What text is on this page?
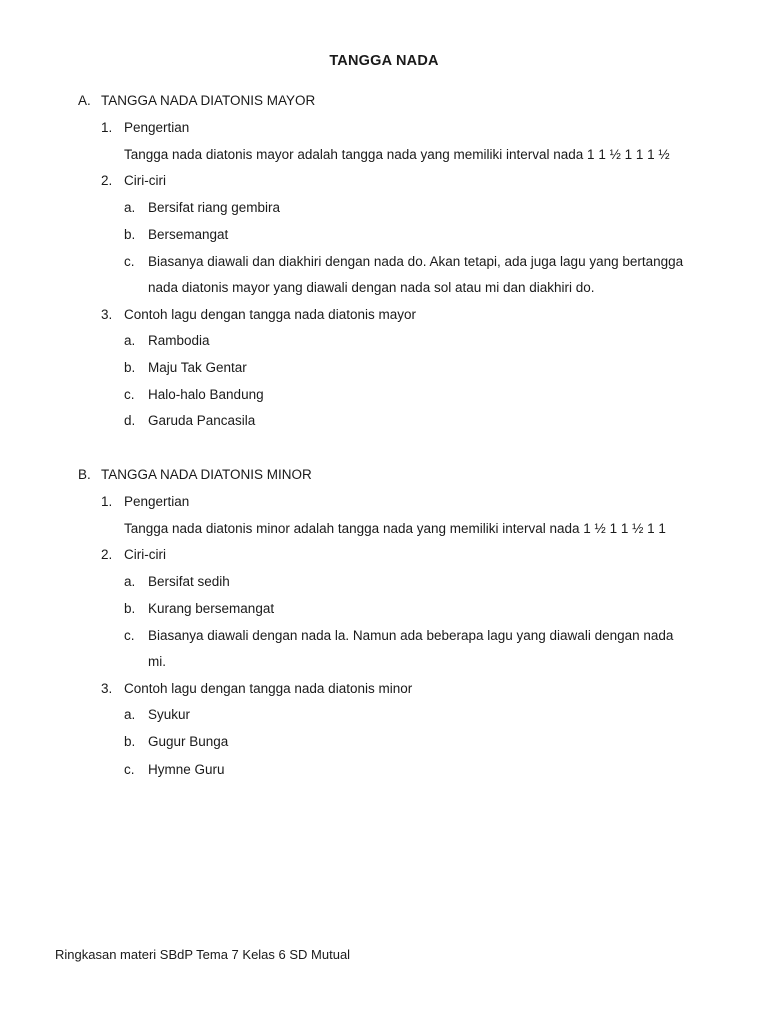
TANGGA NADA
A. TANGGA NADA DIATONIS MAYOR
1. Pengertian
Tangga nada diatonis mayor adalah tangga nada yang memiliki interval nada 1 1 ½ 1 1 1 ½
2. Ciri-ciri
a. Bersifat riang gembira
b. Bersemangat
c. Biasanya diawali dan diakhiri dengan nada do. Akan tetapi, ada juga lagu yang bertangga
nada diatonis mayor yang diawali dengan nada sol atau mi dan diakhiri do.
3. Contoh lagu dengan tangga nada diatonis mayor
a. Rambodia
b. Maju Tak Gentar
c. Halo-halo Bandung
d. Garuda Pancasila
B. TANGGA NADA DIATONIS MINOR
1. Pengertian
Tangga nada diatonis minor adalah tangga nada yang memiliki interval nada 1 ½ 1 1 ½ 1 1
2. Ciri-ciri
a. Bersifat sedih
b. Kurang bersemangat
c. Biasanya diawali dengan nada la. Namun ada beberapa lagu yang diawali dengan nada
mi.
3. Contoh lagu dengan tangga nada diatonis minor
a. Syukur
b. Gugur Bunga
c. Hymne Guru
Ringkasan materi SBdP Tema 7 Kelas 6 SD Mutual
